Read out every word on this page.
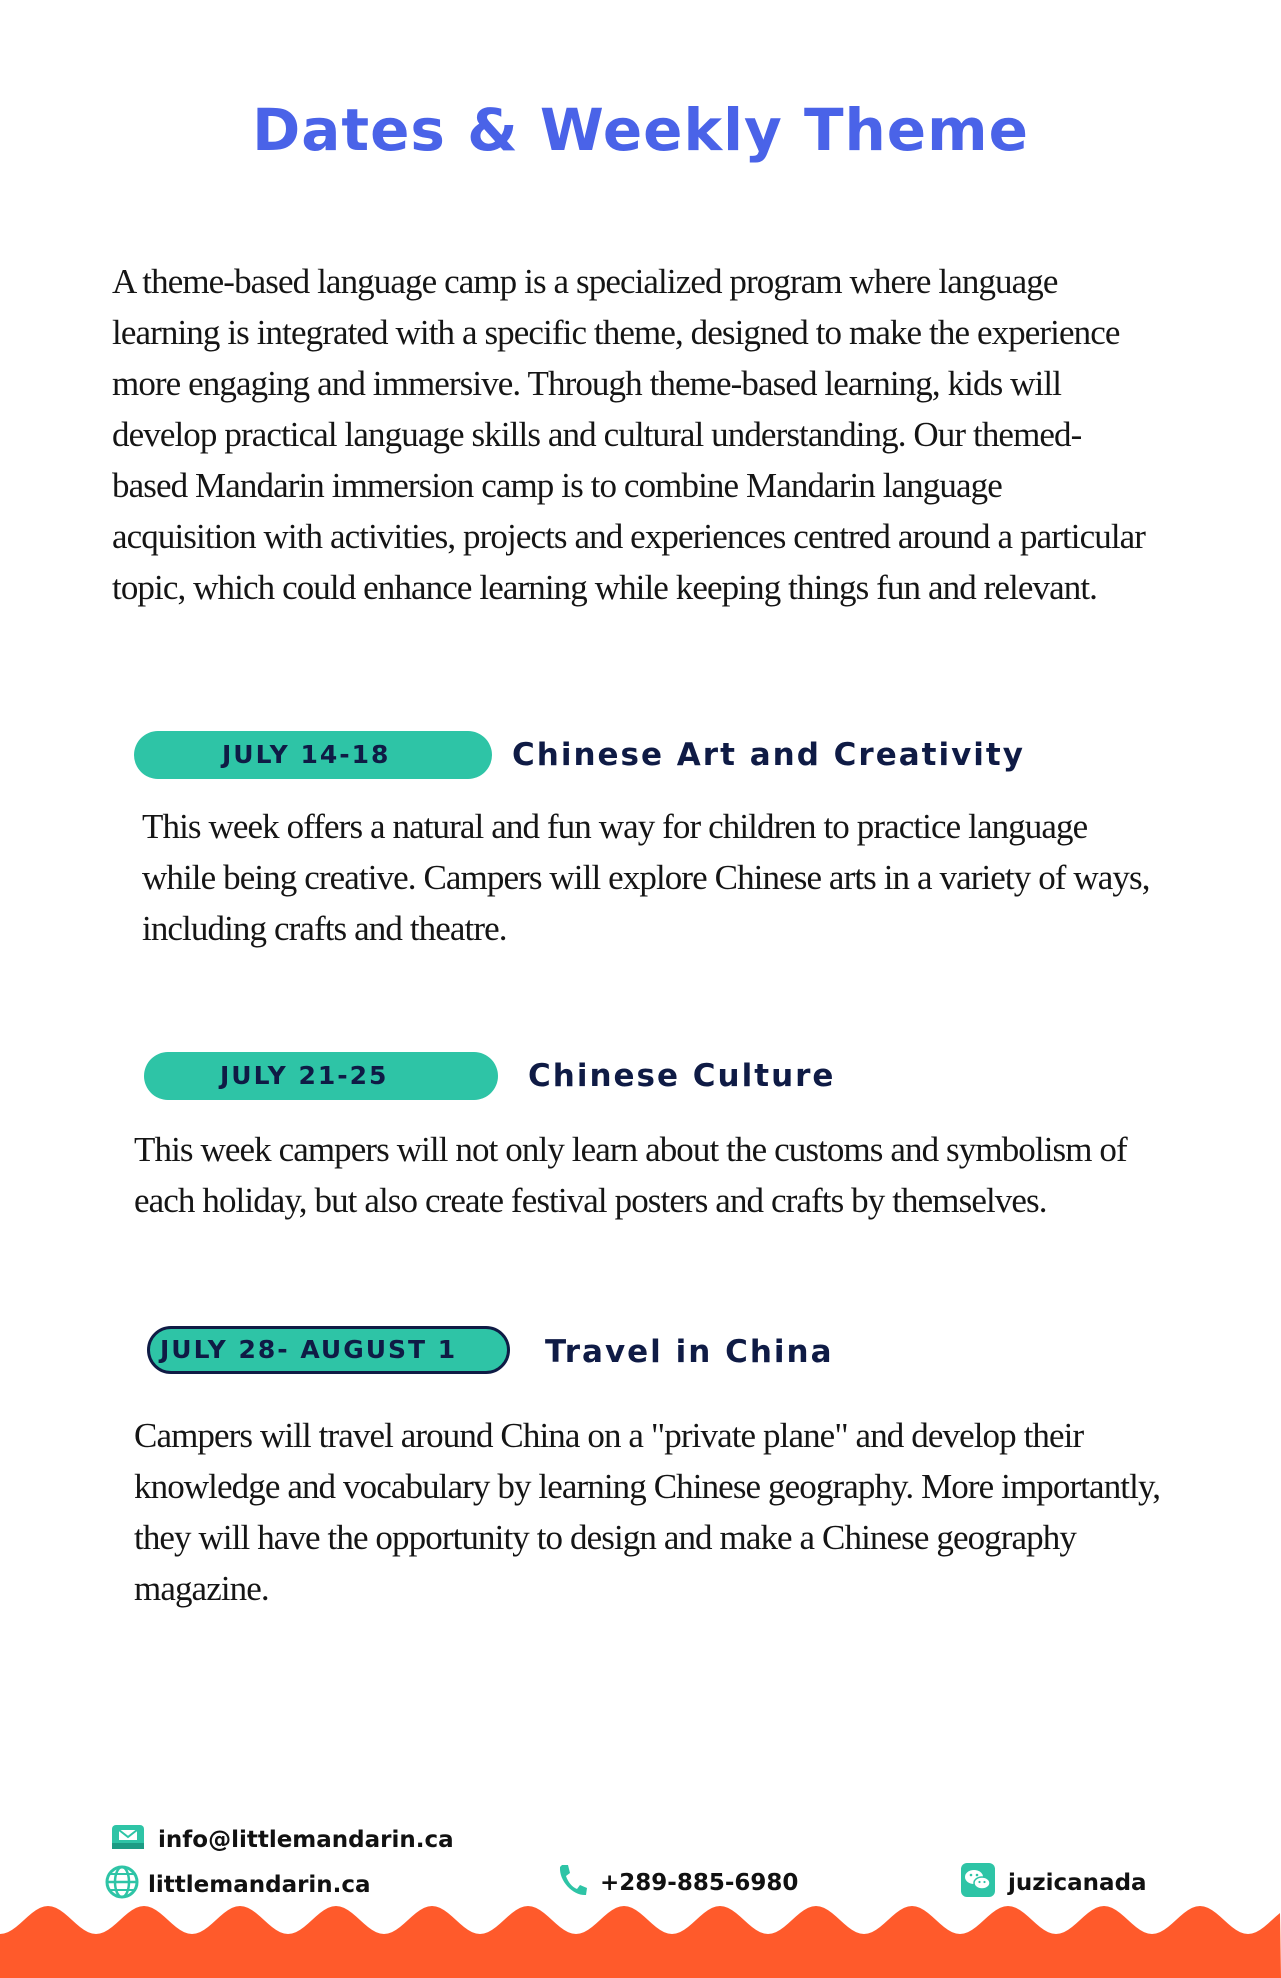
Dates & Weekly Theme

A theme-based language camp is a specialized program where language learning is integrated with a specific theme, designed to make the experience more engaging and immersive. Through theme-based learning, kids will develop practical language skills and cultural understanding. Our themed-based Mandarin immersion camp is to combine Mandarin language acquisition with activities, projects and experiences centred around a particular topic, which could enhance learning while keeping things fun and relevant.

JULY 14-18	Chinese Art and Creativity

This week offers a natural and fun way for children to practice language while being creative. Campers will explore Chinese arts in a variety of ways, including crafts and theatre.

JULY 21-25	Chinese Culture

This week campers will not only learn about the customs and symbolism of each holiday, but also create festival posters and crafts by themselves.

JULY 28- AUGUST 1	Travel in China

Campers will travel around China on a "private plane" and develop their knowledge and vocabulary by learning Chinese geography. More importantly, they will have the opportunity to design and make a Chinese geography magazine.

info@littlemandarin.ca
littlemandarin.ca	+289-885-6980	juzicanada
